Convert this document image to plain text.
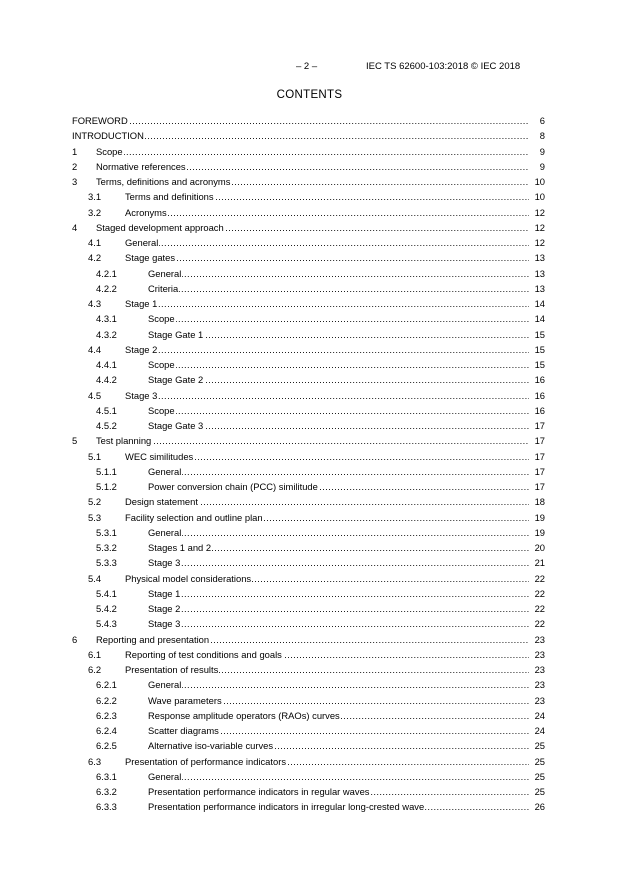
– 2 –	IEC TS 62600-103:2018 © IEC 2018
CONTENTS
FOREWORD .....	6
INTRODUCTION .....	8
1 Scope .....	9
2 Normative references .....	9
3 Terms, definitions and acronyms .....	10
3.1	Terms and definitions .....	10
3.2	Acronyms .....	12
4 Staged development approach .....	12
4.1	General .....	12
4.2	Stage gates .....	13
4.2.1	General .....	13
4.2.2	Criteria .....	13
4.3	Stage 1 .....	14
4.3.1	Scope .....	14
4.3.2	Stage Gate 1 .....	15
4.4	Stage 2 .....	15
4.4.1	Scope .....	15
4.4.2	Stage Gate 2 .....	16
4.5	Stage 3 .....	16
4.5.1	Scope .....	16
4.5.2	Stage Gate 3 .....	17
5 Test planning .....	17
5.1	WEC similitudes .....	17
5.1.1	General .....	17
5.1.2	Power conversion chain (PCC) similitude .....	17
5.2	Design statement .....	18
5.3	Facility selection and outline plan .....	19
5.3.1	General .....	19
5.3.2	Stages 1 and 2 .....	20
5.3.3	Stage 3 .....	21
5.4	Physical model considerations .....	22
5.4.1	Stage 1 .....	22
5.4.2	Stage 2 .....	22
5.4.3	Stage 3 .....	22
6 Reporting and presentation .....	23
6.1	Reporting of test conditions and goals .....	23
6.2	Presentation of results .....	23
6.2.1	General .....	23
6.2.2	Wave parameters .....	23
6.2.3	Response amplitude operators (RAOs) curves .....	24
6.2.4	Scatter diagrams .....	24
6.2.5	Alternative iso-variable curves .....	25
6.3	Presentation of performance indicators .....	25
6.3.1	General .....	25
6.3.2	Presentation performance indicators in regular waves .....	25
6.3.3	Presentation performance indicators in irregular long-crested wave .....	26
